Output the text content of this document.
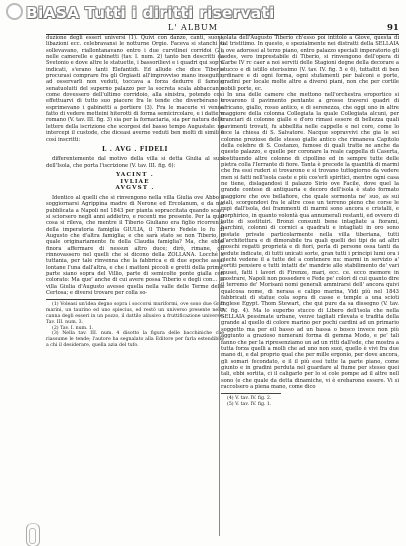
BiASA Tutti i diritti riservati
L' ALBUM	91

duzione degli esseri universi (1). Quivi con danze, canti, suoni, libazioni ecc. celebravansi le notturne Orgie. Faceva si stanchi si sollevavano, riallontanavano entro i due curvilinei corridoi (2), nelle camerelle e gabinetti (tav. I. num. 2) tanto ben descritti da Svetonio e dove altre le statuette, i bassorilievi e i quadri qui sopra indicati, s'erano tanti Elefantidi. Ed allude che dice Tiberio procurasi comprare fra gli Orgiasti all'improvviso mano inseguito, ad osservarli non veduti, toccava a forza dedurre il famose senatuoluiti del superno palazzo per la socreta scala abbaccante come dovessero dell'ultimo corridoio, alla sinistra, potendo così effettuarvi di tutto suo piacere fra le tende che diverbérano e esprimevano i gabinetti a portiere (3). Fra le macerie vi venne fatto di vedere metteini hiterotti di forma semicircolare, e i dattere romano (V. tav. III. fig. 3) sia per la fornaciaria, sia per natura delle lettere della iscrizione che scorgesi del basso tempo Augustale: ne intercepi il custode, che diceasi averne veduti ben molti di simili e così inscritti:

L . AVG . FIDELI

differentemente dal motivo della villa si detta Giulia al suol dell'Isola, che porta l'iscrizione (V. tav. III. fig. 6):

YACINT .
IVLIAE
AVGVST .

Identico al quelli che si rinvengono nella villa Giulia ove Abbo a soggiornarsi Agrippina madre di Nerone ed Ercolanum, e da me pubblicata a Napoli nel 1843 per pianta sopraccitata quando scavi si sciorsero negli anni addietro, e recenti me presente. Per la qual cosa si rileva, che mentre il Tiberio Giuliano era figlio ricorrente della imperatoria famiglia GIULIA, il Tiberio Fedele lo fu di Augusto che d'altra famiglia; e che sarà stato se non Tiberio, il quale originariamente fu della Claudia famiglia? Ma, che ebbe finora affermare di nessun altro duce; dirò, rimane, gli rinnovassero nel quelli che si dicono della ZOLLANA. Locché e tuttania, per tale rinvenna che la fabbrica e di due epoche assai lontane l'una dall'altra, e che i mattoni piccoli e gretti della prima, parte siano sopra del Villio, parte di semicolte ponte gialla con colorato: Ma que' anche di cui avere possa Tiberio e degli con... la villa Giulia d'Augusto avesse quella nella valle delle Terme della Certosa; e diversi trovare per colla so-

(1) Voleasi un'idea degno sopra i soccorsi muriformi, ove sono due Grifi marini, un taurino ed uno spiecius, ed restò un universo presente nella canna degli esseri in un pozzo, il dattilo allusivo a fruttificazione universe. Tav. III. num. 3.

(2) Tav. I. num. 1.

(3) Nella tav. III. num. 4 disotto la figura delle bacchiniche che riassume le tende; l'autore ha segnalato alla Editore per farla estendibile a chi il desiderare, quella azia del tufo.

solata dell'Augusto Tiberio ch'esso poi intitolò a Giove, questa di tal tristitimo. In questo, e spezialmente nei distratti della SELLAIA a ove adorossi al terzo piano, entro palazzo speciali imperatorio gli aedes, vero imprestabile di Tiberio, si rinvengono dell'opera di Carbe IV rc caer a noi serviti delle Stagioni degne della decorare a stucco e di istillo eterissimo (V. tav. IV. fig. 5 e 6), tuttaltit di ben ordinare e di ogni forma, ogni stufamenti per balconi e porte, gradini per locale molte altre a diversi piani, non che per cortile nobili porte, ec.

In una delle camere che mettono nell'orchestra eroportico si trovarono il pavimento pentante a grosse traversi quadri di africano, giallo, rosso antico, e di serenezza, che oggi uno in altre maggiore della colonna Collegiata la quale Collegiata alcuni, per tranciari di colonne gialle e d'oro rimasi essere di bellezza quali pavimenti trovati, fu abbellita nelle cappelle e nel core, come lo fece la chiesa di S. Salvatore. Nacque sopravvivi che gia le sei colonne preziose delle stesso gialle antico che rimaneva Capitolo della celebre di S. Costanzo, fumose di quali tratte ne anche da questo palazzo, e quelle per coronare la reale cappella di Caserta, sostituendo altre colonne di cipollino ed in sempre tutte delle pietra colla l'Ierrante di fiore. Tanta è precede la quantità di marmi che fra essi ruderi si trovarono e si trovano tuttogiorno da vedere men si fatti nell'isola caste e più cos'erli spiritici, mentre ogni casa ne tiene, dislagandosi il palazzo Sirio ove Facile, dove quel la grande contese di antiquaria e decoro dell'isola è stato formato maggiore che ove bellafiore, che quale sormonta ne' suo, as sui viali, scorgendovi fra le altre cose un terreno pieno che corse le rupi dall'isola, dei frammenti di marmi sono ancora e cristalli, e porphirico, in quanto volontà qua annumerali restanti, ed ovvero di tutte di sostituiri. Bronzi consunti bene intagliate a fiorami, barchini, colonni di cornici a quadrati e intagliati in oro sono restate private particolarmente nella villa tiberiana, tutti d'architettura e di dimorabile tra quali quelli dei tipi de ad altri moschi regatti proprietà e di fiori, perla di persone ossa tanti da vedute indicate, di tutti unicati sorte, gran tutti i principi lumi ora i ciechi vedene il a tutte del a contenere nu: marmi in servizio a' sortiti pensiere e tutti intatti de' mandrie allo stabilimento de' vari musei, fatti i lavori di Firenze, mari, ecc. ce. ecco memore in mostrare, Napoli non possedere e Fede pe' colori di cui quanto dire il terremo de' Morisani nomi generali ammirarsi dell' ancora quivi qualcosa nome, di nerasa e calipo marina, Vidi più nel 1843 fabbricati di statue cola sopra di casse e temple a una scioti inglese Egypt. Thom Stewart, che qui pure da sa dissegno (V. tav. IV. fig. 4). Ma lo superbo stucco di Libero dell'isola che nella SELLAIA pessimate urbane, veuve tagliati rilevata e tradita della grande al quello di colore marino per pochi cardini ad un primario soggetto ma per eil basso ad un bassa o bosco invece non più aggiunto a grazioso numerani forma di gemma Modo, e pe' tali fanno che per la ripresenziamo un ad un ritti dall'ede, che mostra a tutta forza quelli a molli che ad uno non suoi, quello è vivi fra due mano di, e dal proprio qual che per mille ergonio, per dove ancora, gli somari fecondato, e il il più essi tutte la parte piano, come giunto e in gradini perduta nel guardare al fiume per stesso quei tali, ebbi sortita, ci il caligarlo per lo si cole pompe ad il altre nell sono (e che quale da detta dinamiche, vi è erebarono essere. Vi si raccolsero a piena mano, come dico

(4) V. tav. IV. fig. 2.

(5) V. tav. IV. fig. 1.
